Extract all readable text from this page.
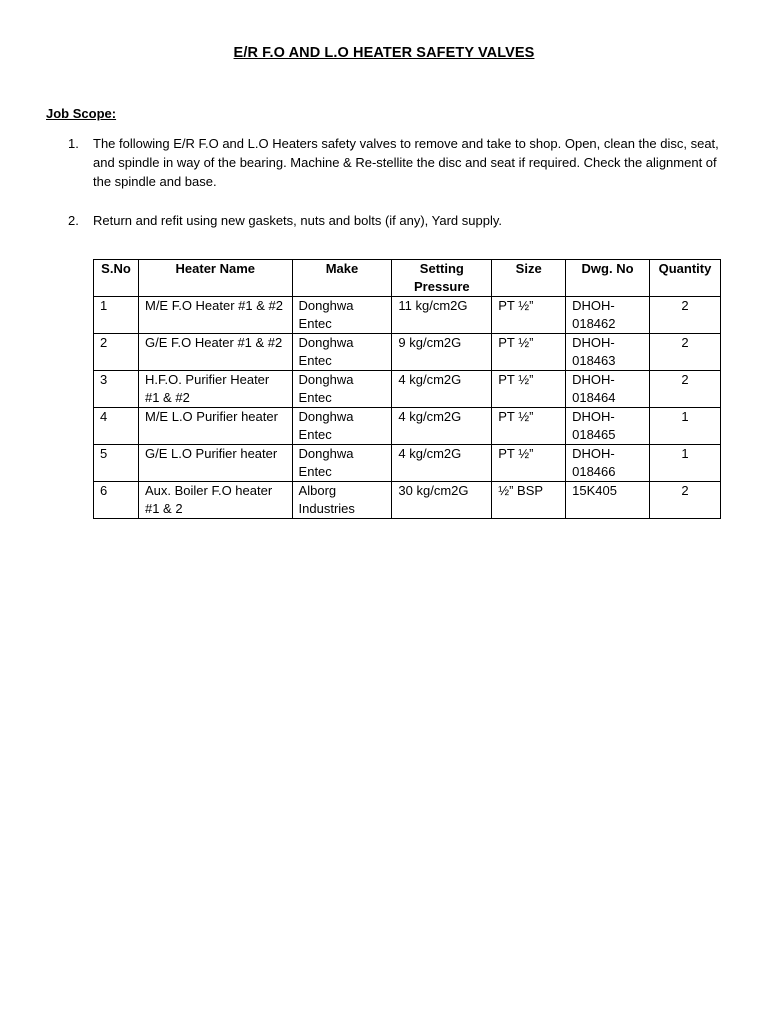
E/R F.O AND L.O HEATER SAFETY VALVES
Job Scope:
1. The following E/R F.O and L.O Heaters safety valves to remove and take to shop. Open, clean the disc, seat, and spindle in way of the bearing. Machine & Re-stellite the disc and seat if required. Check the alignment of the spindle and base.
2. Return and refit using new gaskets, nuts and bolts (if any), Yard supply.
S.No	Heater Name	Make	Setting Pressure	Size	Dwg. No	Quantity
1	M/E F.O Heater #1 & #2	Donghwa Entec	11 kg/cm2G	PT ½”	DHOH-018462	2
2	G/E F.O Heater #1 & #2	Donghwa Entec	9 kg/cm2G	PT ½”	DHOH-018463	2
3	H.F.O. Purifier Heater #1 & #2	Donghwa Entec	4 kg/cm2G	PT ½”	DHOH-018464	2
4	M/E L.O Purifier heater	Donghwa Entec	4 kg/cm2G	PT ½”	DHOH-018465	1
5	G/E L.O Purifier heater	Donghwa Entec	4 kg/cm2G	PT ½”	DHOH-018466	1
6	Aux. Boiler F.O heater #1 & 2	Alborg Industries	30 kg/cm2G	½” BSP	15K405	2
